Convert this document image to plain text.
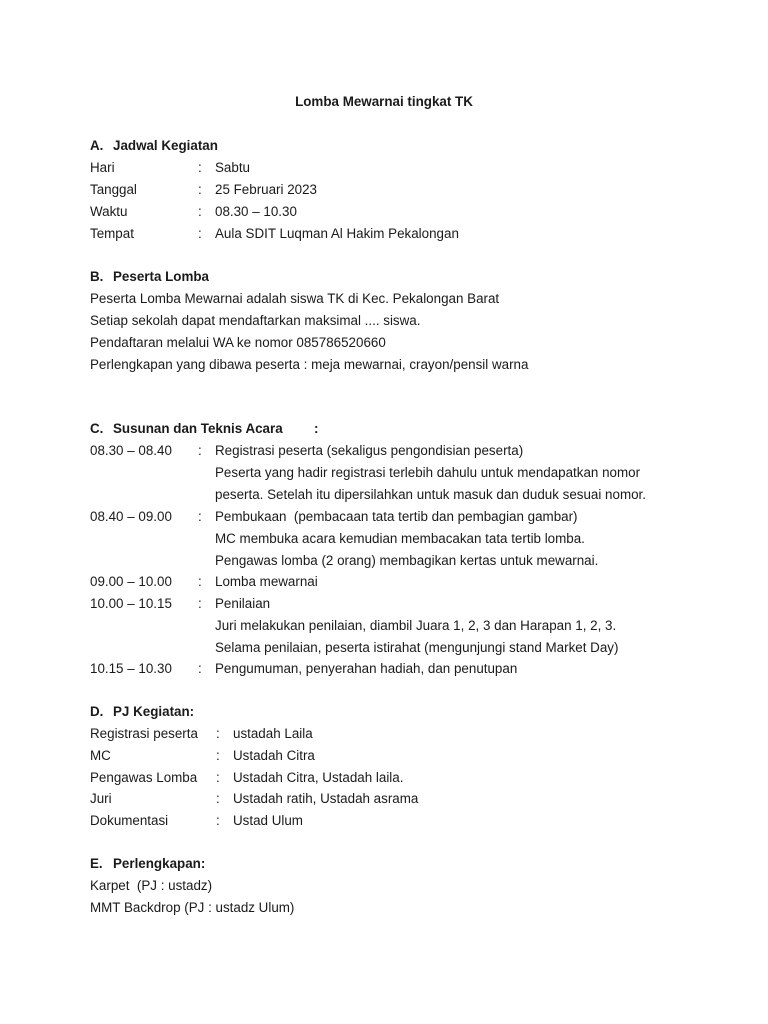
Lomba Mewarnai tingkat TK
A. Jadwal Kegiatan
Hari	: Sabtu
Tanggal	: 25 Februari 2023
Waktu	: 08.30 – 10.30
Tempat	: Aula SDIT Luqman Al Hakim Pekalongan
B. Peserta Lomba
Peserta Lomba Mewarnai adalah siswa TK di Kec. Pekalongan Barat
Setiap sekolah dapat mendaftarkan maksimal .... siswa.
Pendaftaran melalui WA ke nomor 085786520660
Perlengkapan yang dibawa peserta : meja mewarnai, crayon/pensil warna
C. Susunan dan Teknis Acara :
08.30 – 08.40 : Registrasi peserta (sekaligus pengondisian peserta)
Peserta yang hadir registrasi terlebih dahulu untuk mendapatkan nomor
peserta. Setelah itu dipersilahkan untuk masuk dan duduk sesuai nomor.
08.40 – 09.00 : Pembukaan  (pembacaan tata tertib dan pembagian gambar)
MC membuka acara kemudian membacakan tata tertib lomba.
Pengawas lomba (2 orang) membagikan kertas untuk mewarnai.
09.00 – 10.00 : Lomba mewarnai
10.00 – 10.15 : Penilaian
Juri melakukan penilaian, diambil Juara 1, 2, 3 dan Harapan 1, 2, 3.
Selama penilaian, peserta istirahat (mengunjungi stand Market Day)
10.15 – 10.30 : Pengumuman, penyerahan hadiah, dan penutupan
D. PJ Kegiatan:
Registrasi peserta : ustadah Laila
MC	: Ustadah Citra
Pengawas Lomba : Ustadah Citra, Ustadah laila.
Juri	: Ustadah ratih, Ustadah asrama
Dokumentasi	: Ustad Ulum
E. Perlengkapan:
Karpet  (PJ : ustadz)
MMT Backdrop (PJ : ustadz Ulum)
